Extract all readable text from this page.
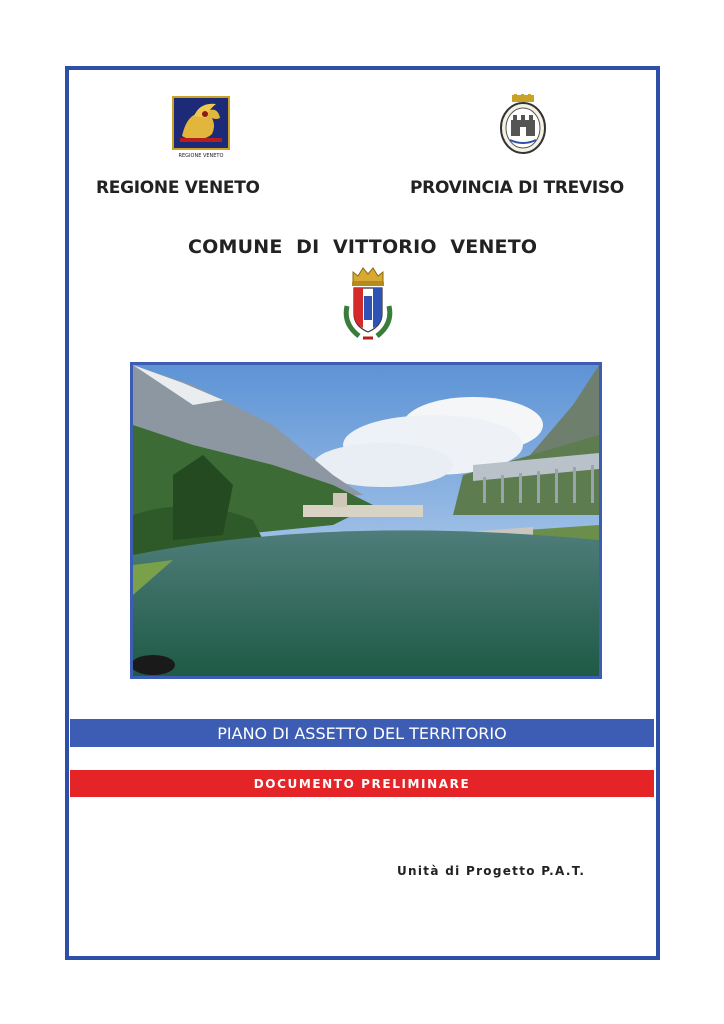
REGIONE VENETO
REGIONE VENETO	PROVINCIA DI TREVISO
COMUNE  DI  VITTORIO  VENETO
PIANO DI ASSETTO DEL TERRITORIO
DOCUMENTO PRELIMINARE
Unità di Progetto P.A.T.
